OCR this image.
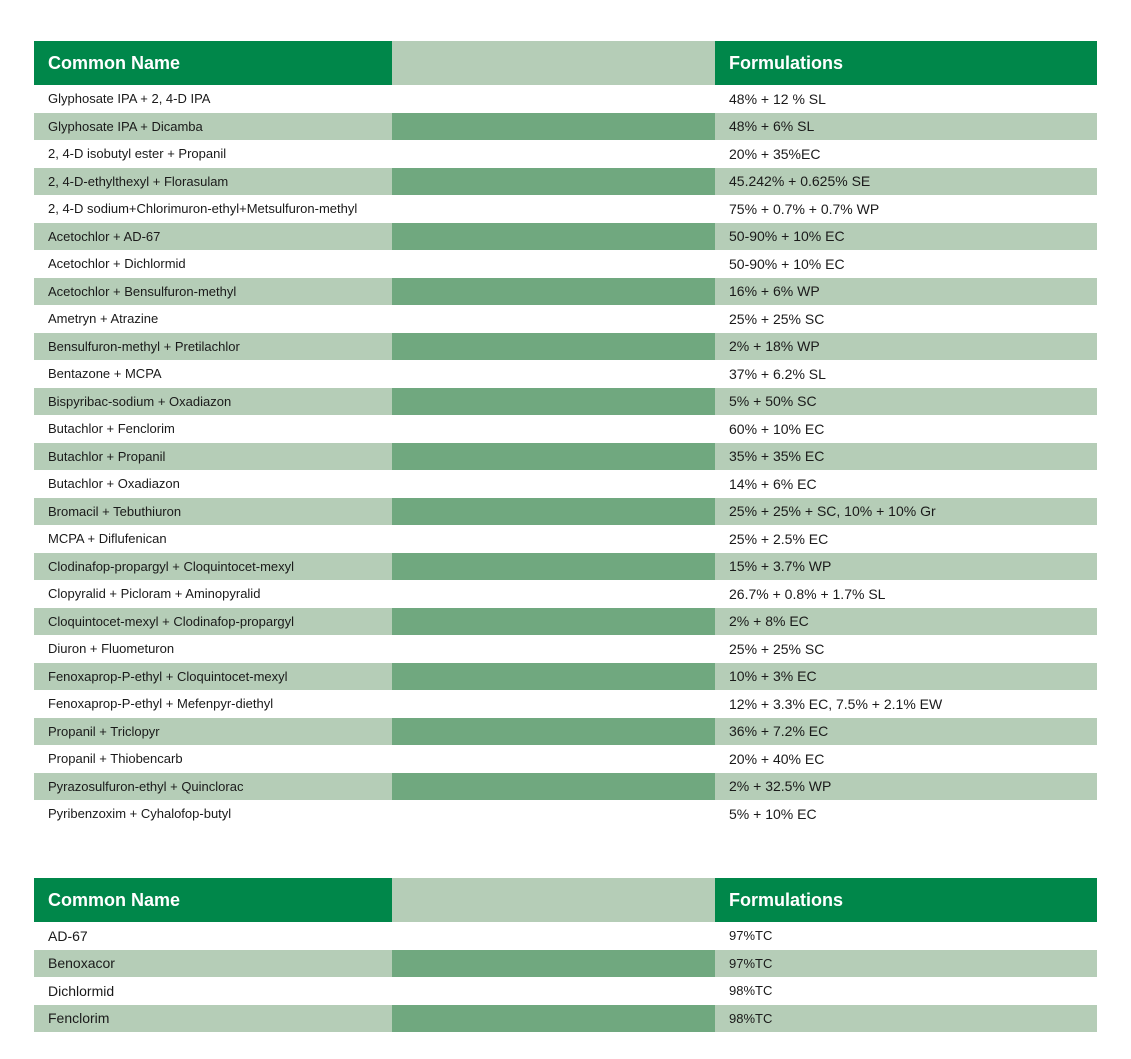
Common Name	Formulations
Glyphosate IPA + 2, 4-D IPA	48% + 12 % SL
Glyphosate IPA + Dicamba	48% + 6% SL
2, 4-D isobutyl ester + Propanil	20% + 35%EC
2, 4-D-ethylthexyl + Florasulam	45.242% + 0.625% SE
2, 4-D sodium+Chlorimuron-ethyl+Metsulfuron-methyl	75% + 0.7% + 0.7% WP
Acetochlor + AD-67	50-90% + 10% EC
Acetochlor + Dichlormid	50-90% + 10% EC
Acetochlor + Bensulfuron-methyl	16% + 6% WP
Ametryn + Atrazine	25% + 25% SC
Bensulfuron-methyl + Pretilachlor	2% + 18% WP
Bentazone + MCPA	37% + 6.2% SL
Bispyribac-sodium + Oxadiazon	5% + 50% SC
Butachlor + Fenclorim	60% + 10% EC
Butachlor + Propanil	35% + 35% EC
Butachlor + Oxadiazon	14% + 6% EC
Bromacil + Tebuthiuron	25% + 25% + SC, 10% + 10% Gr
MCPA + Diflufenican	25% + 2.5% EC
Clodinafop-propargyl + Cloquintocet-mexyl	15% + 3.7% WP
Clopyralid + Picloram + Aminopyralid	26.7% + 0.8% + 1.7% SL
Cloquintocet-mexyl + Clodinafop-propargyl	2% + 8% EC
Diuron + Fluometuron	25% + 25% SC
Fenoxaprop-P-ethyl + Cloquintocet-mexyl	10% + 3% EC
Fenoxaprop-P-ethyl + Mefenpyr-diethyl	12% + 3.3% EC, 7.5% + 2.1% EW
Propanil + Triclopyr	36% + 7.2% EC
Propanil + Thiobencarb	20% + 40% EC
Pyrazosulfuron-ethyl + Quinclorac	2% + 32.5% WP
Pyribenzoxim + Cyhalofop-butyl	5% + 10% EC
Common Name	Formulations
AD-67	97%TC
Benoxacor	97%TC
Dichlormid	98%TC
Fenclorim	98%TC
